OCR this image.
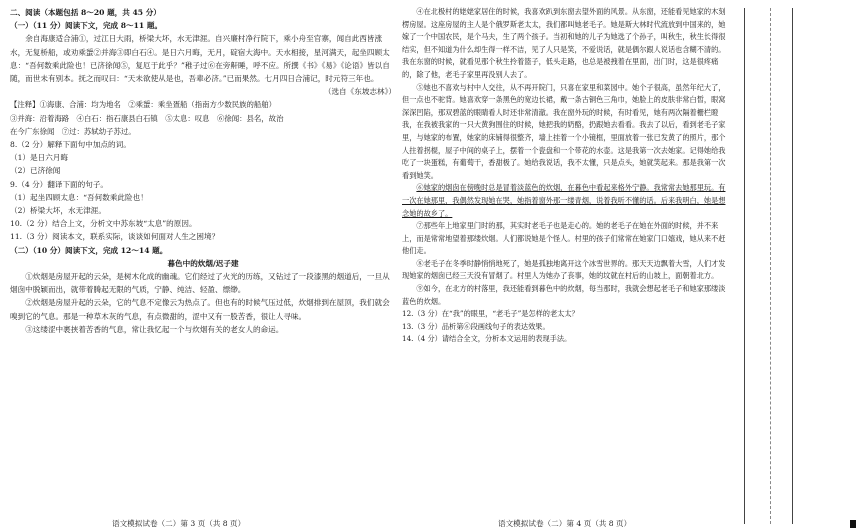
二、阅读（本题包括 8～20 题，共 45 分）
（一）（11 分）阅读下文，完成 8～11 题。
余自海康适合浦①，过江日大雨，桥梁大坏，水无津涯。自兴廉村净行院下，乘小舟至官寨，闻自此西皆涨水，无复桥船，或劝乘蜑②并海③即白石④。是日六月晦，无月，碇宿大海中。天水相接，星河满天，起坐四顾太息：“吾何数乘此险也！已济徐闻⑤，复厄于此乎？”稚子过⑥在旁鼾睡，呼不应。所撰《书》《易》《论语》皆以自随，而世未有别本。抚之而叹曰：“天未欲使从是也，吾辈必济。”已而果然。七月四日合浦记，时元符三年也。
（选自《东坡志林》）
【注释】①海康、合浦：均为地名　②乘蜑：乘坐疍船（指南方少数民族的船舶）
③并海：沿着海路　④白石：指石康县白石镇　⑤太息：叹息　⑥徐闻：县名，故治
在今广东徐闻　⑦过：苏轼幼子苏过。
8.（2 分）解释下面句中加点的词。
（1）是日六月晦
（2）已济徐闻
9.（4 分）翻译下面的句子。
（1）起坐四顾太息：“吾何数乘此险也！
（2）桥梁大坏，水无津涯。
10.（2 分）结合上文，分析文中苏东坡“太息”的原因。
11.（3 分）阅读本文，联系实际，谈谈如何面对人生之困境？
（二）（10 分）阅读下文，完成 12～14 题。
暮色中的炊烟/迟子建
①炊烟是房屋开起的云朵，是树木化成的幽魂。它们经过了火光的历练，又钻过了一段漆黑的烟道后，一旦从烟囱中脱颖而出，就带着腾起无限的气质，宁静、纯洁、轻盈、缥缈。
②炊烟是房屋升起的云朵，它的气息不定像云为热点了。但也有的时候气压过低，炊烟排到在屋顶，我们就会嗅到它的气息。那是一种草木灰的气息，有点微甜的，涩中又有一股苦香，很让人寻味。
③这缕涩中裹挟着苦香的气息，常让我忆起一个与炊烟有关的老女人的命运。
④在北极村的姥姥家居住的时候，我喜欢趴到东窗去望外面的风景。从东窗，还能看见她家的木刻楞房屋。这座房屋的主人是个俄罗斯老太太，我们都叫她老毛子。她是斯大林时代流放到中国来的，她嫁了一个中国农民，是个马夫，生了两个孩子。当初和她的儿子为她选了个孙子，叫秋生，秋生长得很结实，但不知道为什么却生得一样不洁，见了人只是笑，不爱说话，就是偶尔跟人说话也含糊不清的。我在东窗的时候，就看见那个秋生拎着篮子，低头走路，也总是被拽着在里面，出门时，这是很疼痛的，除了他，老毛子家里再没别人去了。
⑤她也不喜欢与村中人交往，从不再开院门，只喜在家里和菜园中。她个子很高，虽然年纪大了，但一点也不驼背。她喜欢穿一条黑色的宽边长裙，戴一条古铜色三角巾，她脸上的皮肤非常白皙，眼窝深深凹陷，那双碧蓝的眼睛看人时还非常清澈。我在窗外玩的时候，有时看见，她有两次隔着栅栏瞪我，在我被我家的一只大黄狗围住的时候，她把我的奶酪，扔跟她去看看。我去了以后，看到老毛子家里，与她家的布置，她家的床铺得很整齐，墙上挂着一个小镜框，里面放着一张已发黄了的照片，那个人拄着拐棍，屋子中间的桌子上，摆着一个瓷盘和一个带花的水壶。这是我第一次去她家。记得她给我吃了一块蛋糕，有葡萄干，香甜极了。她给我说话，我不太懂，只是点头，她就笑起来。那是我第一次看到她笑。
⑥她家的烟囱在傍晚时总是冒着淡蓝色的炊烟，在暮色中看起来格外宁静。我常常去她那里玩。有一次在她那里，我偶然发现她在哭，她指着窗外那一缕青烟，说着我听不懂的话。后来我明白，她是想念她的故乡了。
⑦那些年上地家里门时的那，其实时老毛子也是走心的。她的老毛子在她在外面的时候，并不来上，而是常常地望着那缕炊烟。人们都说她是个怪人。村里的孩子们常常在她家门口嬉戏，她从来不赶他们走。
⑧老毛子在冬季时静悄悄地死了，她是孤独地离开这个冰雪世界的。那天天边飘着大雪，人们才发现她家的烟囱已经三天没有冒烟了。村里人为她办了丧事，她的坟就在村后的山坡上，面朝着北方。
⑨如今，在北方的村落里，我还能看到暮色中的炊烟，每当那时，我就会想起老毛子和她家那缕淡蓝色的炊烟。
12.（3 分）在“我”的眼里，“老毛子”是怎样的老太太？
13.（3 分）品析第⑥段画线句子的表达效果。
14.（4 分）请结合全文，分析本文运用的表现手法。
语文模拟试卷（二）第 3 页（共 8 页）	语文模拟试卷（二）第 4 页（共 8 页）
